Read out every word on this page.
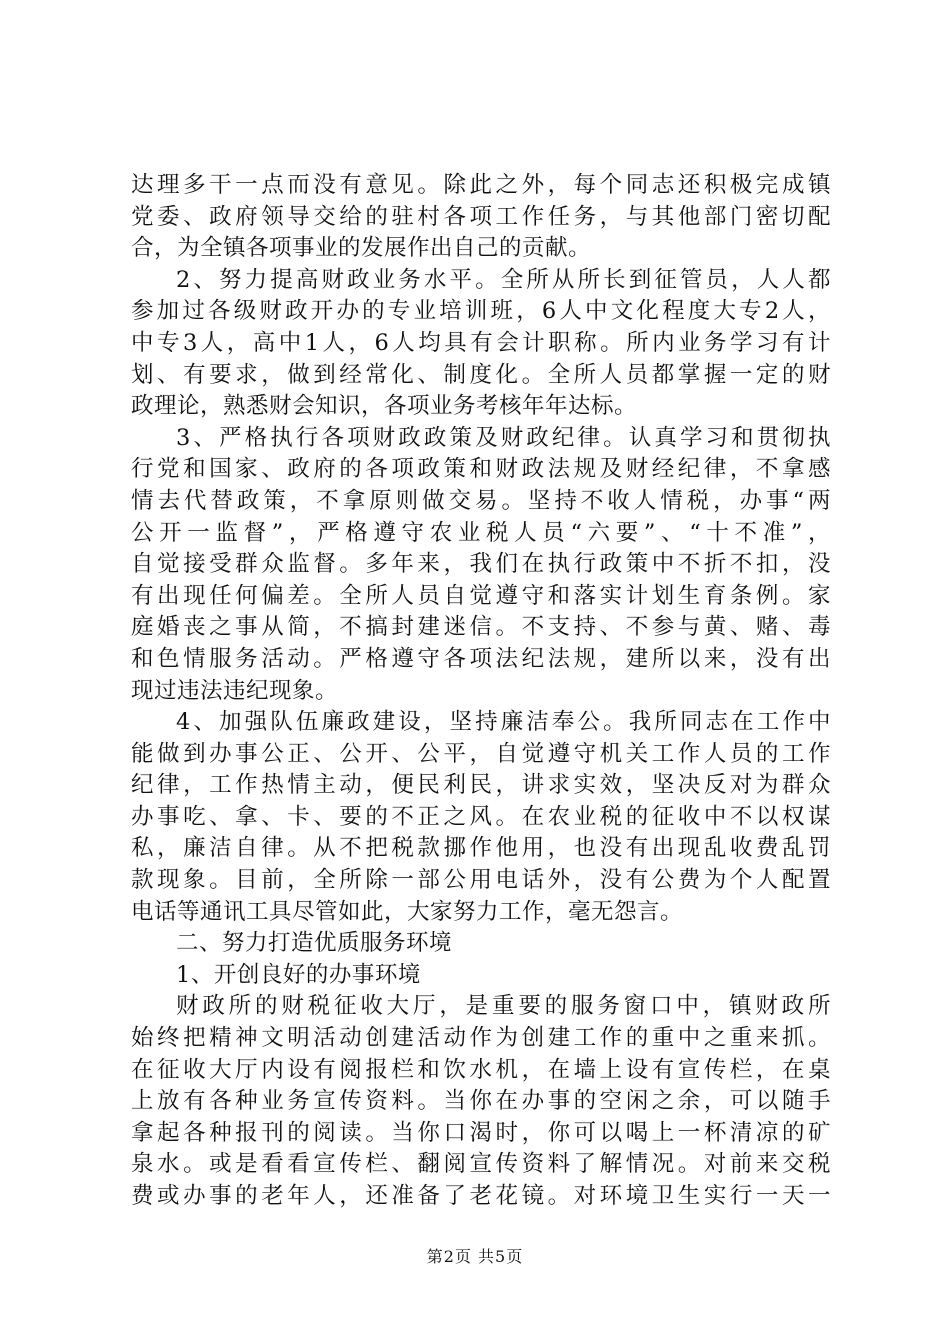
达理多干一点而没有意见。除此之外，每个同志还积极完成镇
党委、政府领导交给的驻村各项工作任务，与其他部门密切配
合，为全镇各项事业的发展作出自己的贡献。
2、努力提高财政业务水平。全所从所长到征管员，人人都
参加过各级财政开办的专业培训班，6人中文化程度大专2人，
中专3人，高中1人，6人均具有会计职称。所内业务学习有计
划、有要求，做到经常化、制度化。全所人员都掌握一定的财
政理论，熟悉财会知识，各项业务考核年年达标。
3、严格执行各项财政政策及财政纪律。认真学习和贯彻执
行党和国家、政府的各项政策和财政法规及财经纪律，不拿感
情去代替政策，不拿原则做交易。坚持不收人情税，办事“两
公开一监督”，严格遵守农业税人员“六要”、“十不准”，
自觉接受群众监督。多年来，我们在执行政策中不折不扣，没
有出现任何偏差。全所人员自觉遵守和落实计划生育条例。家
庭婚丧之事从简，不搞封建迷信。不支持、不参与黄、赌、毒
和色情服务活动。严格遵守各项法纪法规，建所以来，没有出
现过违法违纪现象。
4、加强队伍廉政建设，坚持廉洁奉公。我所同志在工作中
能做到办事公正、公开、公平，自觉遵守机关工作人员的工作
纪律，工作热情主动，便民利民，讲求实效，坚决反对为群众
办事吃、拿、卡、要的不正之风。在农业税的征收中不以权谋
私，廉洁自律。从不把税款挪作他用，也没有出现乱收费乱罚
款现象。目前，全所除一部公用电话外，没有公费为个人配置
电话等通讯工具尽管如此，大家努力工作，毫无怨言。
二、努力打造优质服务环境
1、开创良好的办事环境
财政所的财税征收大厅，是重要的服务窗口中，镇财政所
始终把精神文明活动创建活动作为创建工作的重中之重来抓。
在征收大厅内设有阅报栏和饮水机，在墙上设有宣传栏，在桌
上放有各种业务宣传资料。当你在办事的空闲之余，可以随手
拿起各种报刊的阅读。当你口渴时，你可以喝上一杯清凉的矿
泉水。或是看看宣传栏、翻阅宣传资料了解情况。对前来交税
费或办事的老年人，还准备了老花镜。对环境卫生实行一天一
第2页 共5页
